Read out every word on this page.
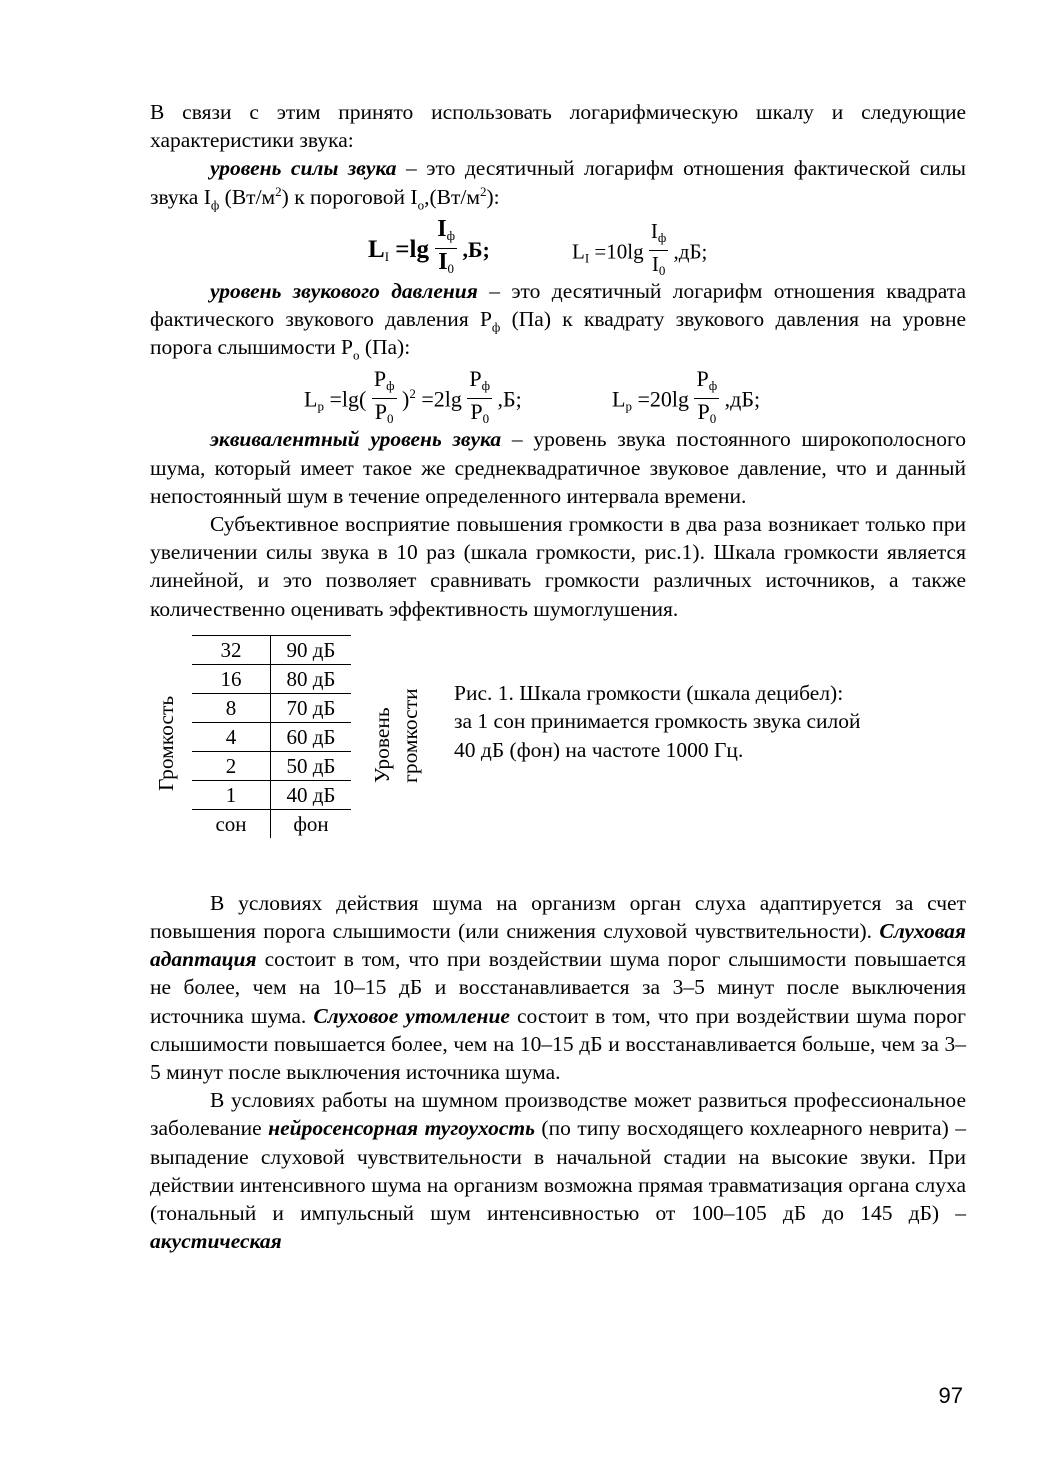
В связи с этим принято использовать логарифмическую шкалу и следующие характеристики звука:

уровень силы звука – это десятичный логарифм отношения фактической силы звука $I_ф$ $(Вт/м^2)$ к пороговой $I_o,(Вт/м^2)$:

LI $=\lg \frac{Iф}{I0} ,Б$;	LI $=10\lg \frac{Iф}{I0} ,дБ$;

уровень звукового давления – это десятичный логарифм отношения квадрата фактического звукового давления $Р_ф$ (Па) к квадрату звукового давления на уровне порога слышимости $Р_о$ (Па):

$Lp =\lg( \frac{Pф}{P0} )^2 =2\lg \frac{Pф}{P0} ,Б$;	$Lp =20\lg \frac{Pф}{P0} ,дБ$;

эквивалентный уровень звука – уровень звука постоянного широкополосного шума, который имеет такое же среднеквадратичное звуковое давление, что и данный непостоянный шум в течение определенного интервала времени.

Субъективное восприятие повышения громкости в два раза возникает только при увеличении силы звука в 10 раз (шкала громкости, рис.1). Шкала громкости является линейной, и это позволяет сравнивать громкости различных источников, а также количественно оценивать эффективность шумоглушения.

Громкость
32	90 дБ
16	80 дБ
8	70 дБ
4	60 дБ
2	50 дБ
1	40 дБ
сон	фон
Уровень громкости Рис. 1. Шкала громкости (шкала децибел):
за 1 сон принимается громкость звука силой
40 дБ (фон) на частоте 1000 Гц.

В условиях действия шума на организм орган слуха адаптируется за счет повышения порога слышимости (или снижения слуховой чувствительности). Слуховая адаптация состоит в том, что при воздействии шума порог слышимости повышается не более, чем на 10–15 дБ и восстанавливается за 3–5 минут после выключения источника шума. Слуховое утомление состоит в том, что при воздействии шума порог слышимости повышается более, чем на 10–15 дБ и восстанавливается больше, чем за 3–5 минут после выключения источника шума.

В условиях работы на шумном производстве может развиться профессиональное заболевание нейросенсорная тугоухость (по типу восходящего кохлеарного неврита) – выпадение слуховой чувствительности в начальной стадии на высокие звуки. При действии интенсивного шума на организм возможна прямая травматизация органа слуха (тональный и импульсный шум интенсивностью от 100–105 дБ до 145 дБ) – акустическая

97
